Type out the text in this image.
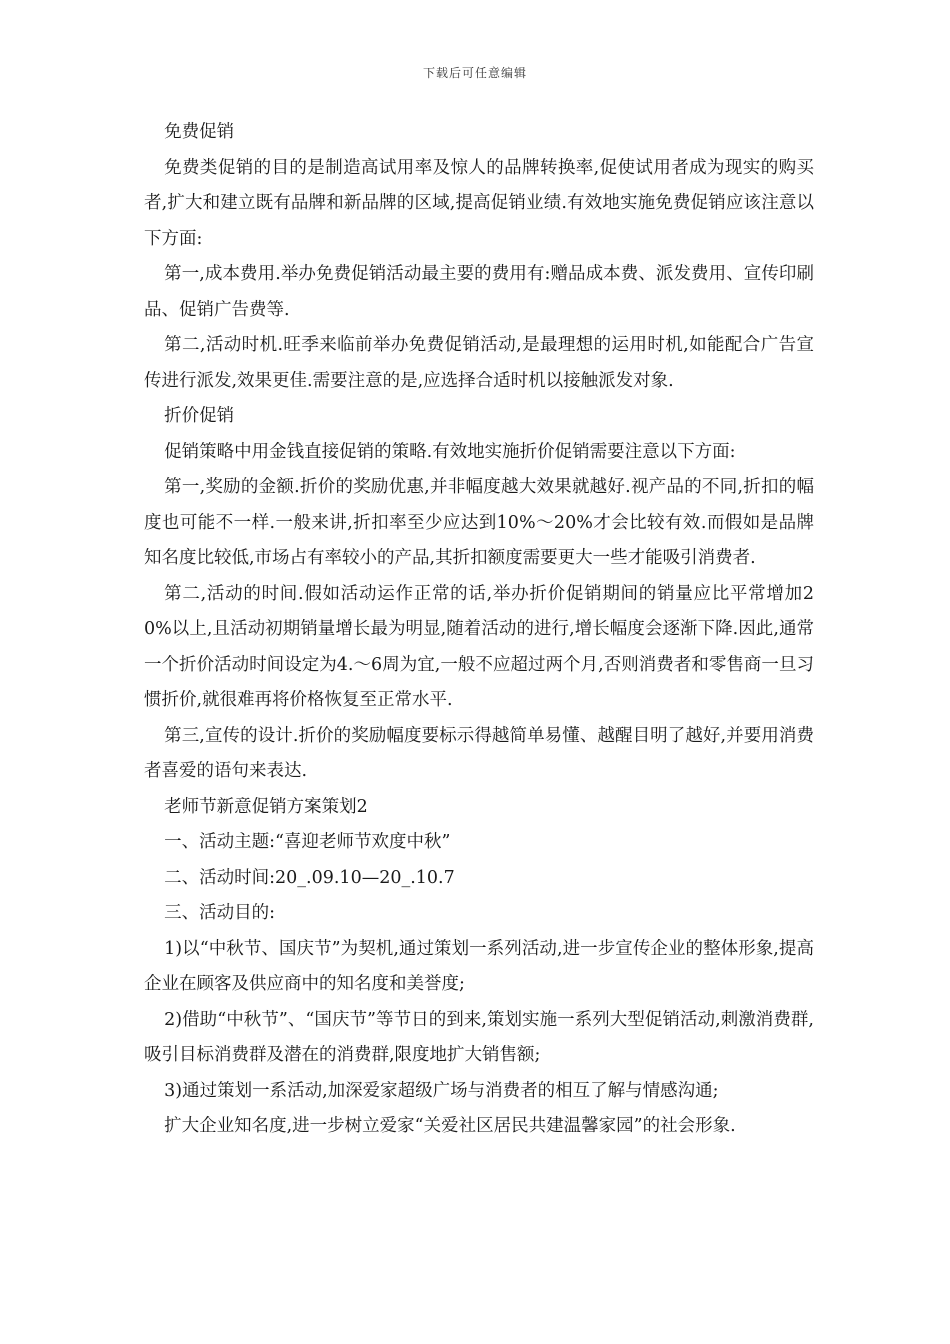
下载后可任意编辑

免费促销

免费类促销的目的是制造高试用率及惊人的品牌转换率,促使试用者成为现实的购买者,扩大和建立既有品牌和新品牌的区域,提高促销业绩.有效地实施免费促销应该注意以下方面:

第一,成本费用.举办免费促销活动最主要的费用有:赠品成本费、派发费用、宣传印刷品、促销广告费等.

第二,活动时机.旺季来临前举办免费促销活动,是最理想的运用时机,如能配合广告宣传进行派发,效果更佳.需要注意的是,应选择合适时机以接触派发对象.

折价促销

促销策略中用金钱直接促销的策略.有效地实施折价促销需要注意以下方面:

第一,奖励的金额.折价的奖励优惠,并非幅度越大效果就越好.视产品的不同,折扣的幅度也可能不一样.一般来讲,折扣率至少应达到10%～20%才会比较有效.而假如是品牌知名度比较低,市场占有率较小的产品,其折扣额度需要更大一些才能吸引消费者.

第二,活动的时间.假如活动运作正常的话,举办折价促销期间的销量应比平常增加20%以上,且活动初期销量增长最为明显,随着活动的进行,增长幅度会逐渐下降.因此,通常一个折价活动时间设定为4.～6周为宜,一般不应超过两个月,否则消费者和零售商一旦习惯折价,就很难再将价格恢复至正常水平.

第三,宣传的设计.折价的奖励幅度要标示得越简单易懂、越醒目明了越好,并要用消费者喜爱的语句来表达.

老师节新意促销方案策划2

一、活动主题:“喜迎老师节欢度中秋”

二、活动时间:20_.09.10—20_.10.7

三、活动目的:

1)以“中秋节、国庆节”为契机,通过策划一系列活动,进一步宣传企业的整体形象,提高企业在顾客及供应商中的知名度和美誉度;

2)借助“中秋节”、“国庆节”等节日的到来,策划实施一系列大型促销活动,刺激消费群,吸引目标消费群及潜在的消费群,限度地扩大销售额;

3)通过策划一系活动,加深爱家超级广场与消费者的相互了解与情感沟通;

扩大企业知名度,进一步树立爱家“关爱社区居民共建温馨家园”的社会形象.
